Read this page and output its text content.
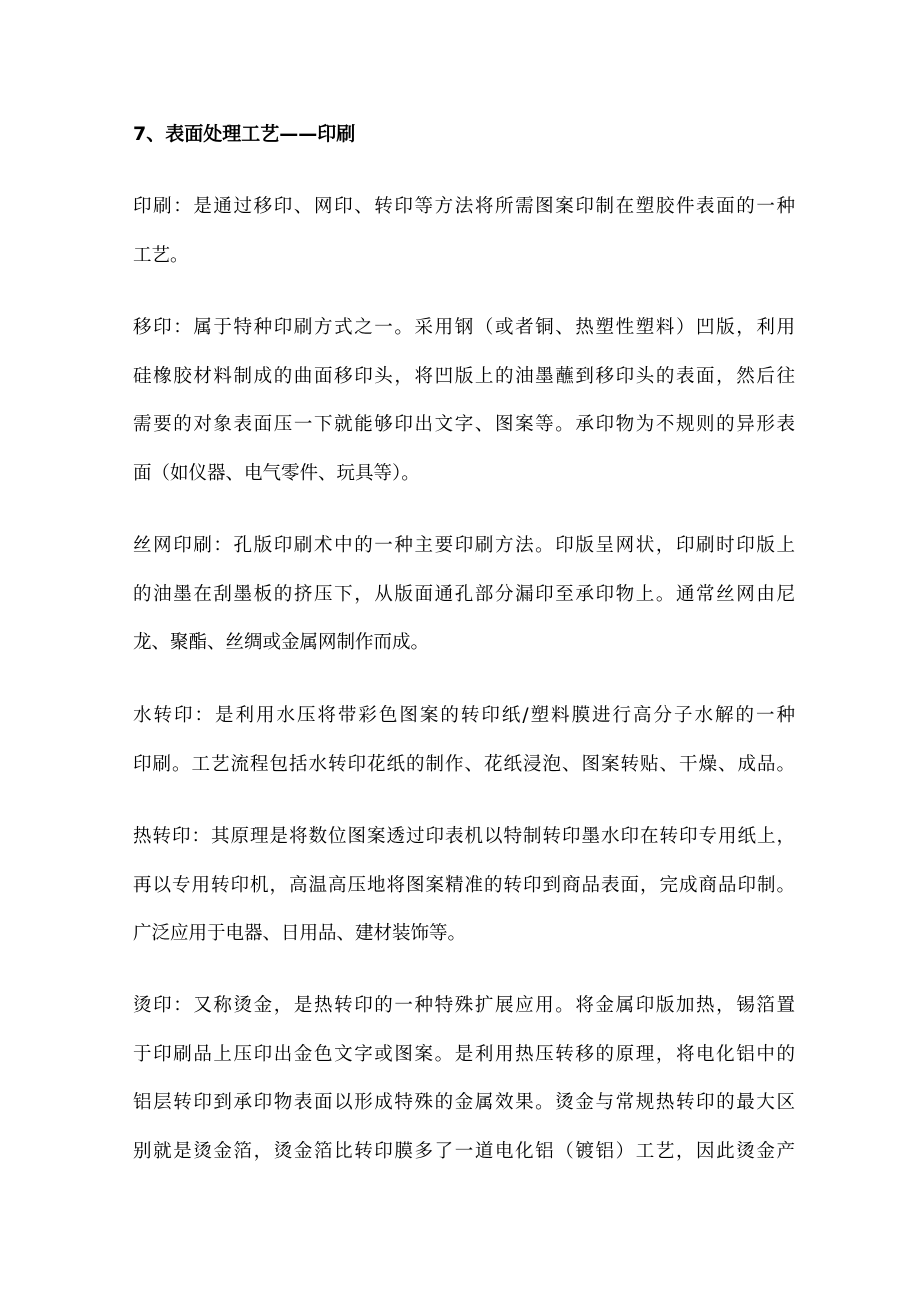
7、表面处理工艺——印刷

印刷：是通过移印、网印、转印等方法将所需图案印制在塑胶件表面的一种
工艺。

移印：属于特种印刷方式之一。采用钢（或者铜、热塑性塑料）凹版，利用
硅橡胶材料制成的曲面移印头，将凹版上的油墨蘸到移印头的表面，然后往
需要的对象表面压一下就能够印出文字、图案等。承印物为不规则的异形表
面（如仪器、电气零件、玩具等）。

丝网印刷：孔版印刷术中的一种主要印刷方法。印版呈网状，印刷时印版上
的油墨在刮墨板的挤压下，从版面通孔部分漏印至承印物上。通常丝网由尼
龙、聚酯、丝绸或金属网制作而成。

水转印：是利用水压将带彩色图案的转印纸/塑料膜进行高分子水解的一种
印刷。工艺流程包括水转印花纸的制作、花纸浸泡、图案转贴、干燥、成品。

热转印：其原理是将数位图案透过印表机以特制转印墨水印在转印专用纸上，
再以专用转印机，高温高压地将图案精准的转印到商品表面，完成商品印制。
广泛应用于电器、日用品、建材装饰等。

烫印：又称烫金，是热转印的一种特殊扩展应用。将金属印版加热，锡箔置
于印刷品上压印出金色文字或图案。是利用热压转移的原理，将电化铝中的
铝层转印到承印物表面以形成特殊的金属效果。烫金与常规热转印的最大区
别就是烫金箔，烫金箔比转印膜多了一道电化铝（镀铝）工艺，因此烫金产
